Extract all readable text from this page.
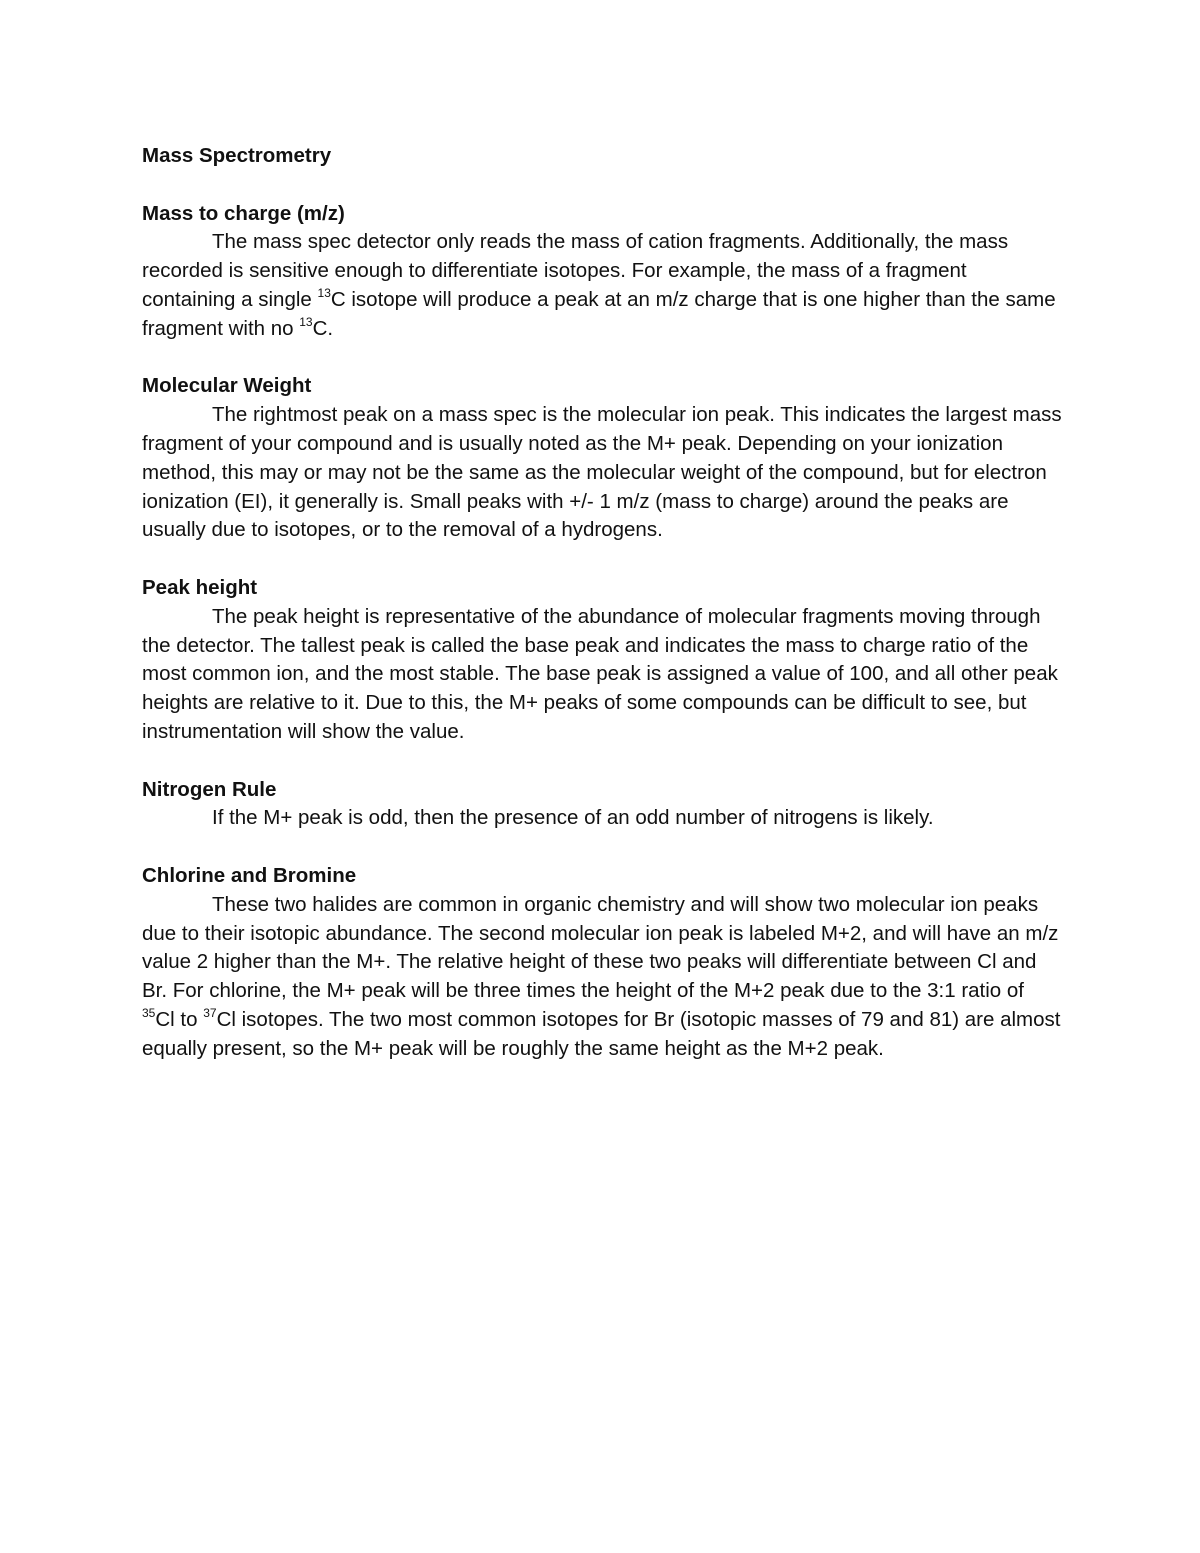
Mass Spectrometry
Mass to charge (m/z)

The mass spec detector only reads the mass of cation fragments. Additionally, the mass recorded is sensitive enough to differentiate isotopes. For example, the mass of a fragment containing a single $^{13}$C isotope will produce a peak at an m/z charge that is one higher than the same fragment with no $^{13}$C.

Molecular Weight

The rightmost peak on a mass spec is the molecular ion peak. This indicates the largest mass fragment of your compound and is usually noted as the M+ peak. Depending on your ionization method, this may or may not be the same as the molecular weight of the compound, but for electron ionization (EI), it generally is. Small peaks with +/- 1 m/z (mass to charge) around the peaks are usually due to isotopes, or to the removal of a hydrogens.

Peak height

The peak height is representative of the abundance of molecular fragments moving through the detector. The tallest peak is called the base peak and indicates the mass to charge ratio of the most common ion, and the most stable. The base peak is assigned a value of 100, and all other peak heights are relative to it. Due to this, the M+ peaks of some compounds can be difficult to see, but instrumentation will show the value.

Nitrogen Rule

If the M+ peak is odd, then the presence of an odd number of nitrogens is likely.

Chlorine and Bromine

These two halides are common in organic chemistry and will show two molecular ion peaks due to their isotopic abundance. The second molecular ion peak is labeled M+2, and will have an m/z value 2 higher than the M+. The relative height of these two peaks will differentiate between Cl and Br. For chlorine, the M+ peak will be three times the height of the M+2 peak due to the 3:1 ratio of $^{35}$Cl to $^{37}$Cl isotopes. The two most common isotopes for Br (isotopic masses of 79 and 81) are almost equally present, so the M+ peak will be roughly the same height as the M+2 peak.
